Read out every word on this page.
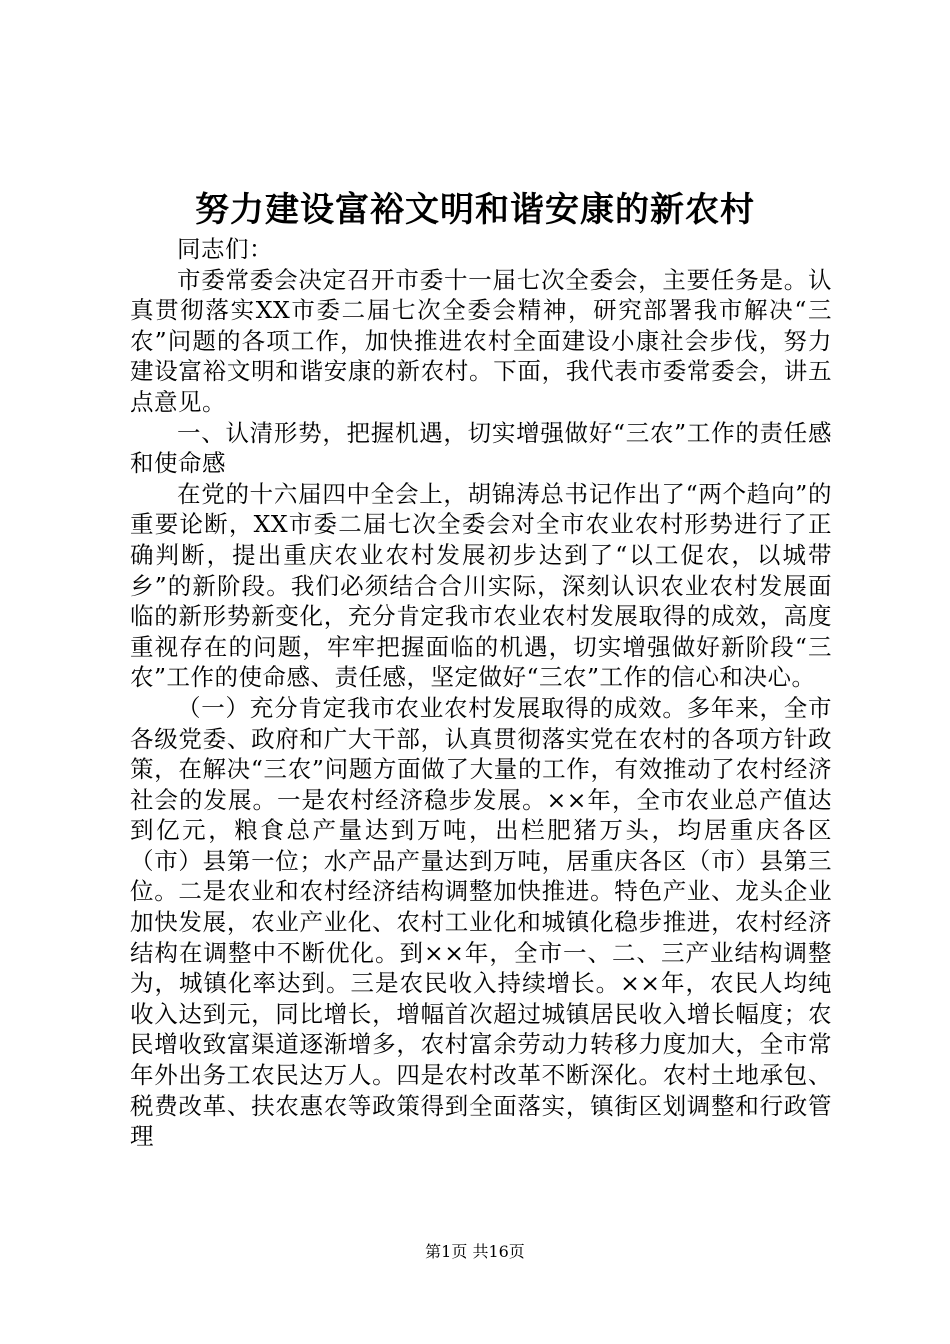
努力建设富裕文明和谐安康的新农村

同志们：

市委常委会决定召开市委十一届七次全委会，主要任务是。认真贯彻落实XX市委二届七次全委会精神，研究部署我市解决“三农”问题的各项工作，加快推进农村全面建设小康社会步伐，努力建设富裕文明和谐安康的新农村。下面，我代表市委常委会，讲五点意见。

一、认清形势，把握机遇，切实增强做好“三农”工作的责任感和使命感

在党的十六届四中全会上，胡锦涛总书记作出了“两个趋向”的重要论断，XX市委二届七次全委会对全市农业农村形势进行了正确判断，提出重庆农业农村发展初步达到了“以工促农，以城带乡”的新阶段。我们必须结合合川实际，深刻认识农业农村发展面临的新形势新变化，充分肯定我市农业农村发展取得的成效，高度重视存在的问题，牢牢把握面临的机遇，切实增强做好新阶段“三农”工作的使命感、责任感，坚定做好“三农”工作的信心和决心。

（一）充分肯定我市农业农村发展取得的成效。多年来，全市各级党委、政府和广大干部，认真贯彻落实党在农村的各项方针政策，在解决“三农”问题方面做了大量的工作，有效推动了农村经济社会的发展。一是农村经济稳步发展。××年，全市农业总产值达到亿元，粮食总产量达到万吨，出栏肥猪万头，均居重庆各区（市）县第一位；水产品产量达到万吨，居重庆各区（市）县第三位。二是农业和农村经济结构调整加快推进。特色产业、龙头企业加快发展，农业产业化、农村工业化和城镇化稳步推进，农村经济结构在调整中不断优化。到××年，全市一、二、三产业结构调整为，城镇化率达到。三是农民收入持续增长。××年，农民人均纯收入达到元，同比增长，增幅首次超过城镇居民收入增长幅度；农民增收致富渠道逐渐增多，农村富余劳动力转移力度加大，全市常年外出务工农民达万人。四是农村改革不断深化。农村土地承包、税费改革、扶农惠农等政策得到全面落实，镇街区划调整和行政管理

第1页 共16页
